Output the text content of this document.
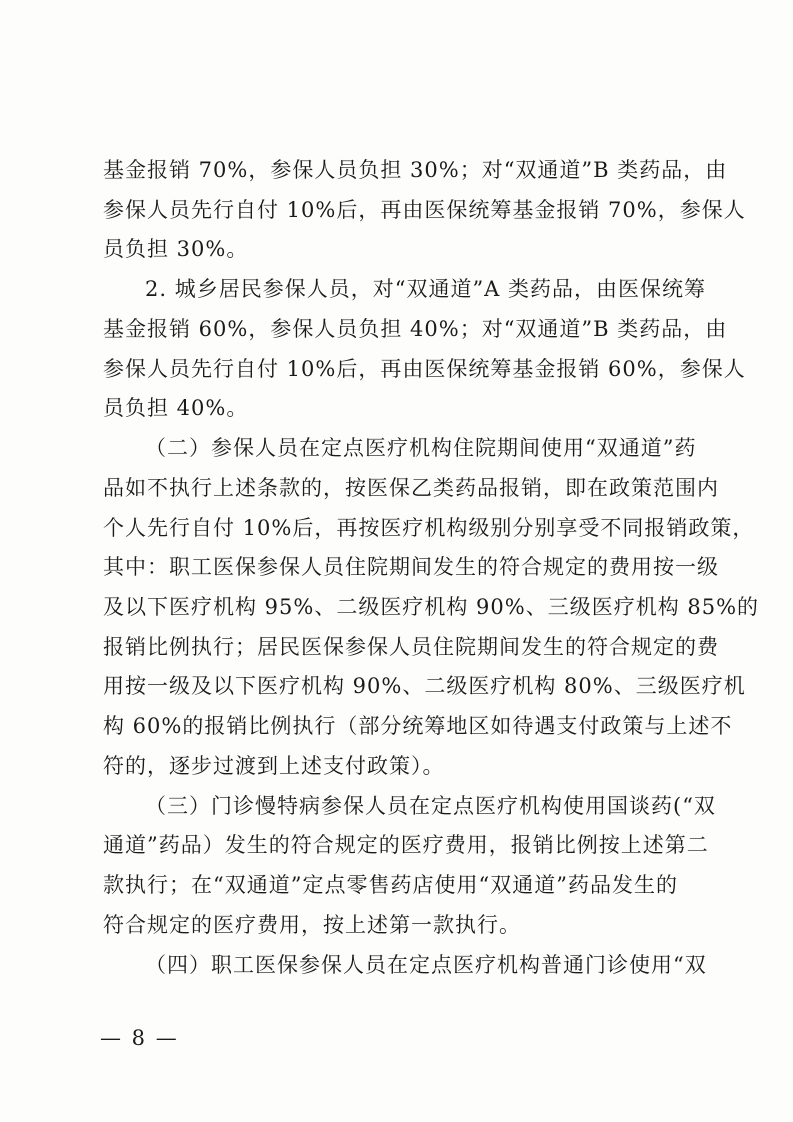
基金报销 70%，参保人员负担 30%；对“双通道”B 类药品，由
参保人员先行自付 10%后，再由医保统筹基金报销 70%，参保人
员负担 30%。
2. 城乡居民参保人员，对“双通道”A 类药品，由医保统筹
基金报销 60%，参保人员负担 40%；对“双通道”B 类药品，由
参保人员先行自付 10%后，再由医保统筹基金报销 60%，参保人
员负担 40%。
（二）参保人员在定点医疗机构住院期间使用“双通道”药
品如不执行上述条款的，按医保乙类药品报销，即在政策范围内
个人先行自付 10%后，再按医疗机构级别分别享受不同报销政策，
其中：职工医保参保人员住院期间发生的符合规定的费用按一级
及以下医疗机构 95%、二级医疗机构 90%、三级医疗机构 85%的
报销比例执行；居民医保参保人员住院期间发生的符合规定的费
用按一级及以下医疗机构 90%、二级医疗机构 80%、三级医疗机
构 60%的报销比例执行（部分统筹地区如待遇支付政策与上述不
符的，逐步过渡到上述支付政策）。
（三）门诊慢特病参保人员在定点医疗机构使用国谈药(“双
通道”药品）发生的符合规定的医疗费用，报销比例按上述第二
款执行；在“双通道”定点零售药店使用“双通道”药品发生的
符合规定的医疗费用，按上述第一款执行。
（四）职工医保参保人员在定点医疗机构普通门诊使用“双
— 8 —
